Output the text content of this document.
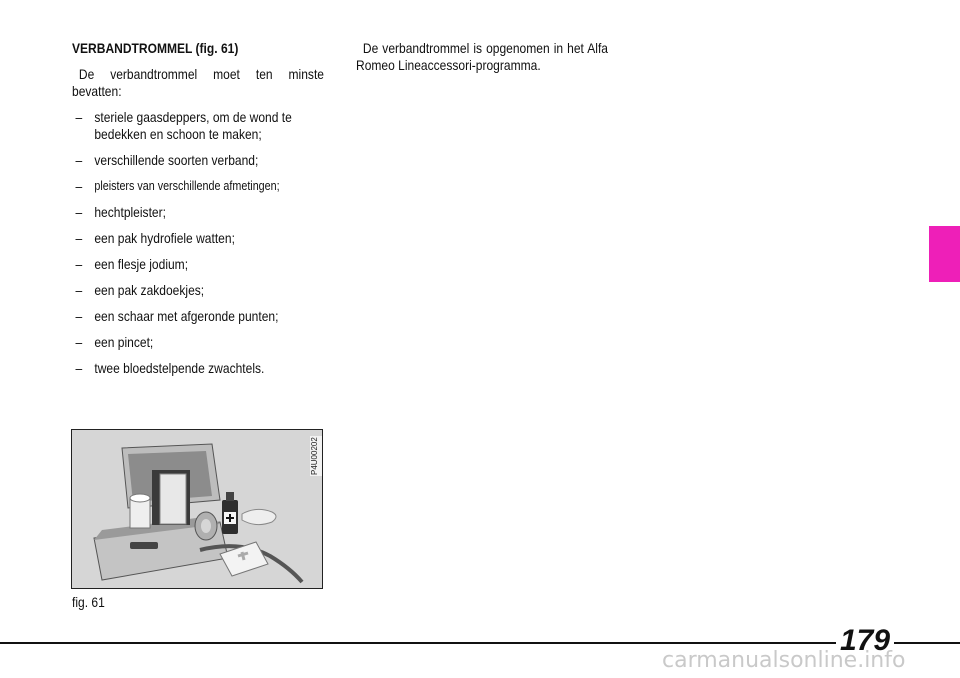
VERBANDTROMMEL (fig. 61)

De verbandtrommel moet ten minste bevatten:

– steriele gaasdeppers, om de wond te bedekken en schoon te maken;
– verschillende soorten verband;
– pleisters van verschillende afmetingen;
– hechtpleister;
– een pak hydrofiele watten;
– een flesje jodium;
– een pak zakdoekjes;
– een schaar met afgeronde punten;
– een pincet;
– twee bloedstelpende zwachtels.

De verbandtrommel is opgenomen in het Alfa Romeo Lineaccessori-programma.

P4U00202
fig. 61
179
carmanualsonline.info
